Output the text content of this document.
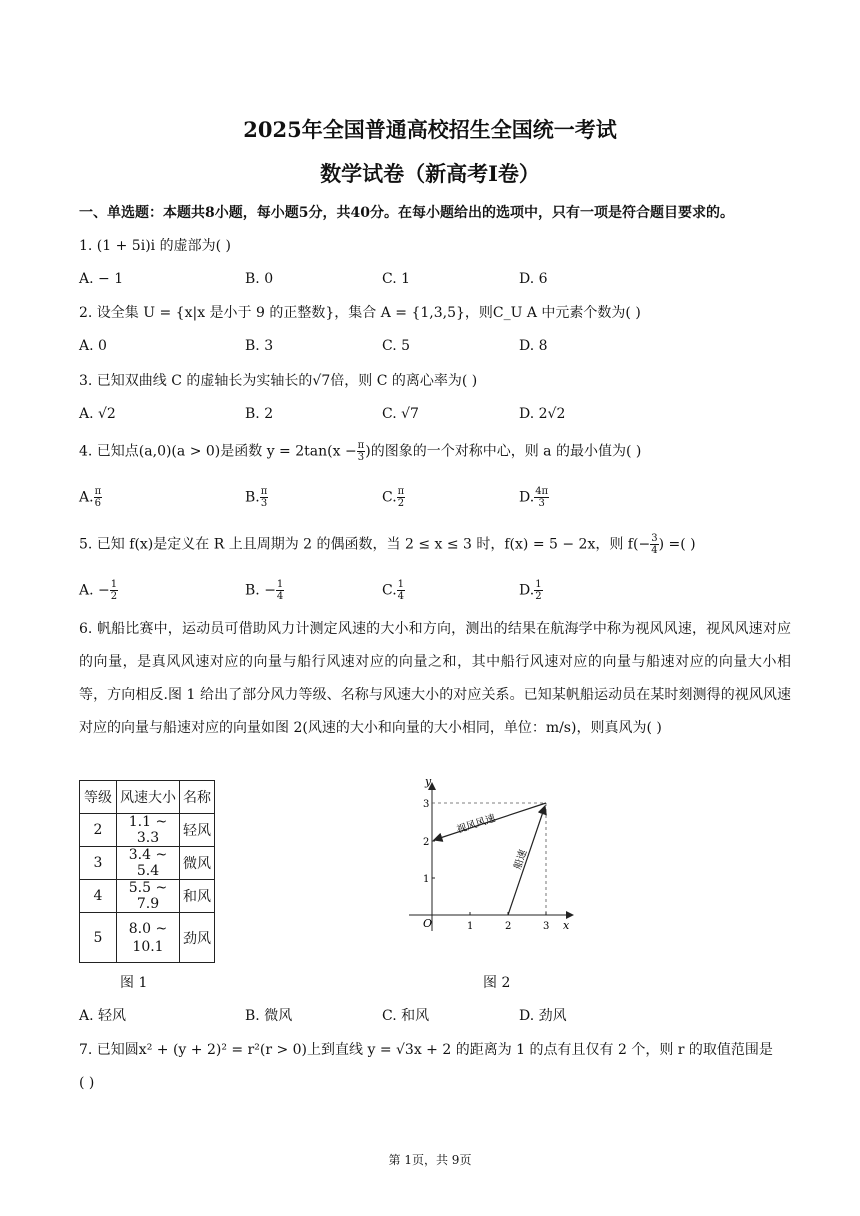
2025年全国普通高校招生全国统一考试
数学试卷（新高考Ⅰ卷）
一、单选题：本题共8小题，每小题5分，共40分。在每小题给出的选项中，只有一项是符合题目要求的。
1. (1 + 5i)i 的虚部为( )
A. − 1	B. 0	C. 1	D. 6
2. 设全集 U = {x|x 是小于 9 的正整数}，集合 A = {1,3,5}，则C_U A 中元素个数为( )
A. 0	B. 3	C. 5	D. 8
3. 已知双曲线 C 的虚轴长为实轴长的√7倍，则 C 的离心率为( )
A. √2	B. 2	C. √7	D. 2√2
4. 已知点(a,0)(a > 0)是函数 $y = 2\tan(x - \frac{\pi}{3}$ )的图象的一个对称中心，则 a 的最小值为( )
A. $\frac{\pi}{6}$	B. $\frac{\pi}{3}$	C. $\frac{\pi}{2}$	D. $\frac{4\pi}{3}$
5. 已知 f(x)是定义在 R 上且周期为 2 的偶函数，当 2 ≤ x ≤ 3 时，f(x) = 5 − 2x，则 $f(- \frac{3}{4}$ ) =( )
A. − $\frac{1}{2}$	B. − $\frac{1}{4}$	C. $\frac{1}{4}$	D. $\frac{1}{2}$
6. 帆船比赛中，运动员可借助风力计测定风速的大小和方向，测出的结果在航海学中称为视风风速，视风风速对应的向量，是真风风速对应的向量与船行风速对应的向量之和，其中船行风速对应的向量与船速对应的向量大小相等，方向相反.图 1 给出了部分风力等级、名称与风速大小的对应关系。已知某帆船运动员在某时刻测得的视风风速对应的向量与船速对应的向量如图 2(风速的大小和向量的大小相同，单位：m/s)，则真风为( )
等级	风速大小	名称
2	1.1 ~ 3.3	轻风
3	3.4 ~ 5.4	微风
4	5.5 ~ 7.9	和风
5	8.0 ~ 10.1	劲风
图 1
y
x
O	1	2	3
1
2
3
视风风速
船速
图 2
A. 轻风	B. 微风	C. 和风	D. 劲风
7. 已知圆x² + (y + 2)² = r²(r > 0)上到直线 y = √3x + 2 的距离为 1 的点有且仅有 2 个，则 r 的取值范围是
( )
第 1页，共 9页
